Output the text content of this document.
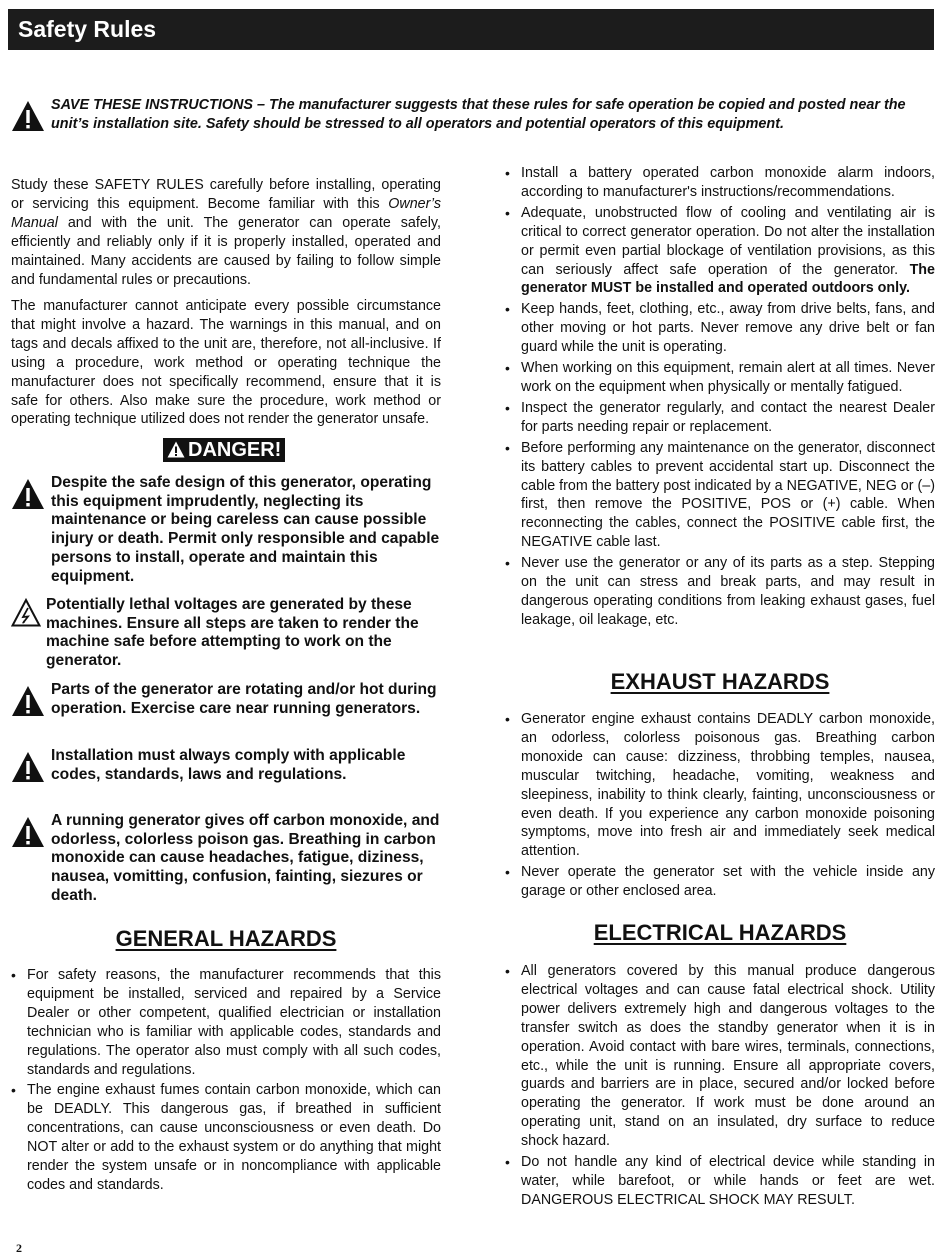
Safety Rules

SAVE THESE INSTRUCTIONS – The manufacturer suggests that these rules for safe operation be copied and posted near the unit’s installation site. Safety should be stressed to all operators and potential operators of this equipment.

Study these SAFETY RULES carefully before installing, operating or servicing this equipment. Become familiar with this Owner’s Manual and with the unit. The generator can operate safely, efficiently and reliably only if it is properly installed, operated and maintained. Many accidents are caused by failing to follow simple and fundamental rules or precautions.

The manufacturer cannot anticipate every possible circumstance that might involve a hazard. The warnings in this manual, and on tags and decals affixed to the unit are, therefore, not all-inclusive. If using a procedure, work method or operating technique the manufacturer does not specifically recommend, ensure that it is safe for others. Also make sure the procedure, work method or operating technique utilized does not render the generator unsafe.

DANGER!

Despite the safe design of this generator, operating this equipment imprudently, neglecting its maintenance or being careless can cause possible injury or death. Permit only responsible and capable persons to install, operate and maintain this equipment.

Potentially lethal voltages are generated by these machines. Ensure all steps are taken to render the machine safe before attempting to work on the generator.

Parts of the generator are rotating and/or hot during operation. Exercise care near running generators.

Installation must always comply with applicable codes, standards, laws and regulations.

A running generator gives off carbon monoxide, and odorless, colorless poison gas. Breathing in carbon monoxide can cause headaches, fatigue, diziness, nausea, vomitting, confusion, fainting, siezures or death.

GENERAL HAZARDS
• For safety reasons, the manufacturer recommends that this equipment be installed, serviced and repaired by a Service Dealer or other competent, qualified electrician or installation technician who is familiar with applicable codes, standards and regulations. The operator also must comply with all such codes, standards and regulations.
• The engine exhaust fumes contain carbon monoxide, which can be DEADLY. This dangerous gas, if breathed in sufficient concentrations, can cause unconsciousness or even death. Do NOT alter or add to the exhaust system or do anything that might render the system unsafe or in noncompliance with applicable codes and standards.
• Install a battery operated carbon monoxide alarm indoors, according to manufacturer's instructions/recommendations.
• Adequate, unobstructed flow of cooling and ventilating air is critical to correct generator operation. Do not alter the installation or permit even partial blockage of ventilation provisions, as this can seriously affect safe operation of the generator. The generator MUST be installed and operated outdoors only.
• Keep hands, feet, clothing, etc., away from drive belts, fans, and other moving or hot parts. Never remove any drive belt or fan guard while the unit is operating.
• When working on this equipment, remain alert at all times. Never work on the equipment when physically or mentally fatigued.
• Inspect the generator regularly, and contact the nearest Dealer for parts needing repair or replacement.
• Before performing any maintenance on the generator, disconnect its battery cables to prevent accidental start up. Disconnect the cable from the battery post indicated by a NEGATIVE, NEG or (–) first, then remove the POSITIVE, POS or (+) cable. When reconnecting the cables, connect the POSITIVE cable first, the NEGATIVE cable last.
• Never use the generator or any of its parts as a step. Stepping on the unit can stress and break parts, and may result in dangerous operating conditions from leaking exhaust gases, fuel leakage, oil leakage, etc.
EXHAUST HAZARDS
• Generator engine exhaust contains DEADLY carbon monoxide, an odorless, colorless poisonous gas. Breathing carbon monoxide can cause: dizziness, throbbing temples, nausea, muscular twitching, headache, vomiting, weakness and sleepiness, inability to think clearly, fainting, unconsciousness or even death. If you experience any carbon monoxide poisoning symptoms, move into fresh air and immediately seek medical attention.
• Never operate the generator set with the vehicle inside any garage or other enclosed area.
ELECTRICAL HAZARDS
• All generators covered by this manual produce dangerous electrical voltages and can cause fatal electrical shock. Utility power delivers extremely high and dangerous voltages to the transfer switch as does the standby generator when it is in operation. Avoid contact with bare wires, terminals, connections, etc., while the unit is running. Ensure all appropriate covers, guards and barriers are in place, secured and/or locked before operating the generator. If work must be done around an operating unit, stand on an insulated, dry surface to reduce shock hazard.
• Do not handle any kind of electrical device while standing in water, while barefoot, or while hands or feet are wet. DANGEROUS ELECTRICAL SHOCK MAY RESULT.
2
